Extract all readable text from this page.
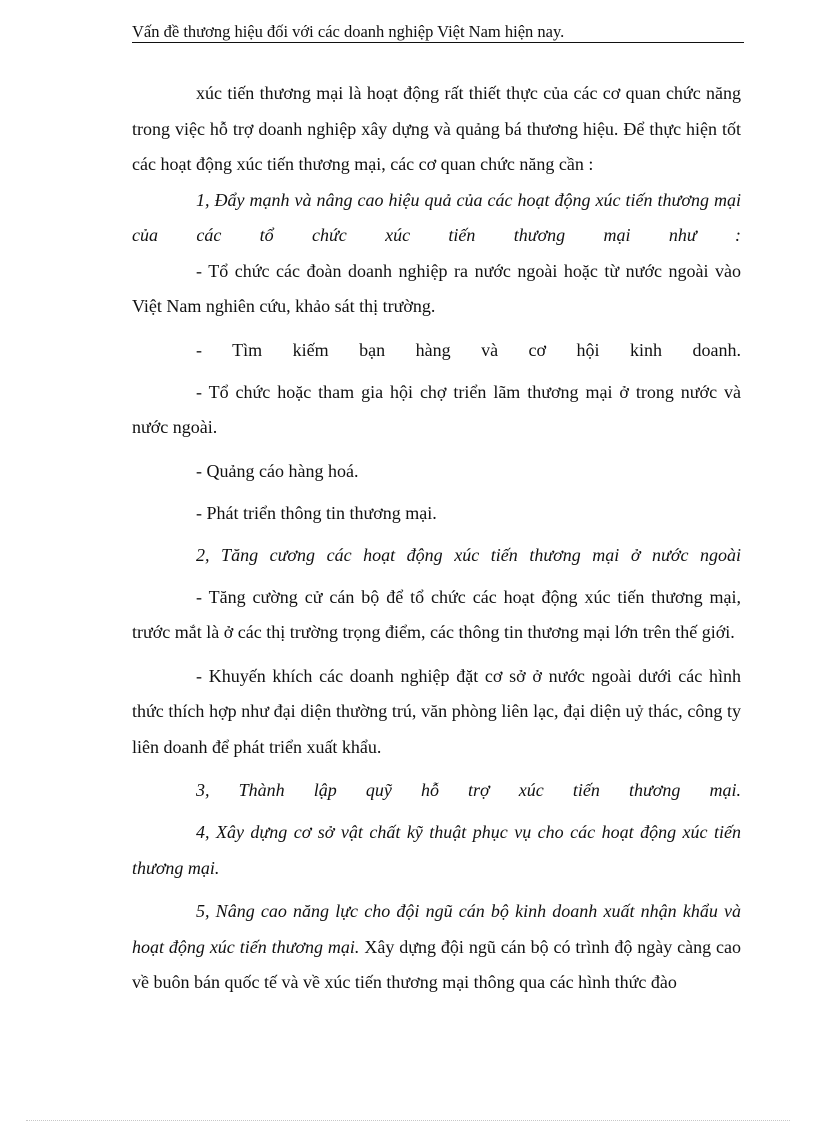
Vấn đề thương hiệu đối với các doanh nghiệp Việt Nam hiện nay.

xúc tiến thương mại là hoạt động rất thiết thực của các cơ quan chức năng trong việc hỗ trợ doanh nghiệp xây dựng và quảng bá thương hiệu. Để thực hiện tốt các hoạt động xúc tiến thương mại, các cơ quan chức năng cần :

1, Đẩy mạnh và nâng cao hiệu quả của các hoạt động xúc tiến thương mại của các tổ chức xúc tiến thương mại như :

- Tổ chức các đoàn doanh nghiệp ra nước ngoài hoặc từ nước ngoài vào Việt Nam nghiên cứu, khảo sát thị trường.

- Tìm kiếm bạn hàng và cơ hội kinh doanh.

- Tổ chức hoặc tham gia hội chợ triển lãm thương mại ở trong nước và nước ngoài.

- Quảng cáo hàng hoá.

- Phát triển thông tin thương mại.

2, Tăng cương các hoạt động xúc tiến thương mại ở nước ngoài

- Tăng cường cử cán bộ để tổ chức các hoạt động xúc tiến thương mại, trước mắt là ở các thị trường trọng điểm, các thông tin thương mại lớn trên thế giới.

- Khuyến khích các doanh nghiệp đặt cơ sở ở nước ngoài dưới các hình thức thích hợp như đại diện thường trú, văn phòng liên lạc, đại diện uỷ thác, công ty liên doanh để phát triển xuất khẩu.

3, Thành lập quỹ hỗ trợ xúc tiến thương mại.

4, Xây dựng cơ sở vật chất kỹ thuật phục vụ cho các hoạt động xúc tiến thương mại.

5, Nâng cao năng lực cho đội ngũ cán bộ kinh doanh xuất nhận khẩu và hoạt động xúc tiến thương mại. Xây dựng đội ngũ cán bộ có trình độ ngày càng cao về buôn bán quốc tế và về xúc tiến thương mại thông qua các hình thức đào
